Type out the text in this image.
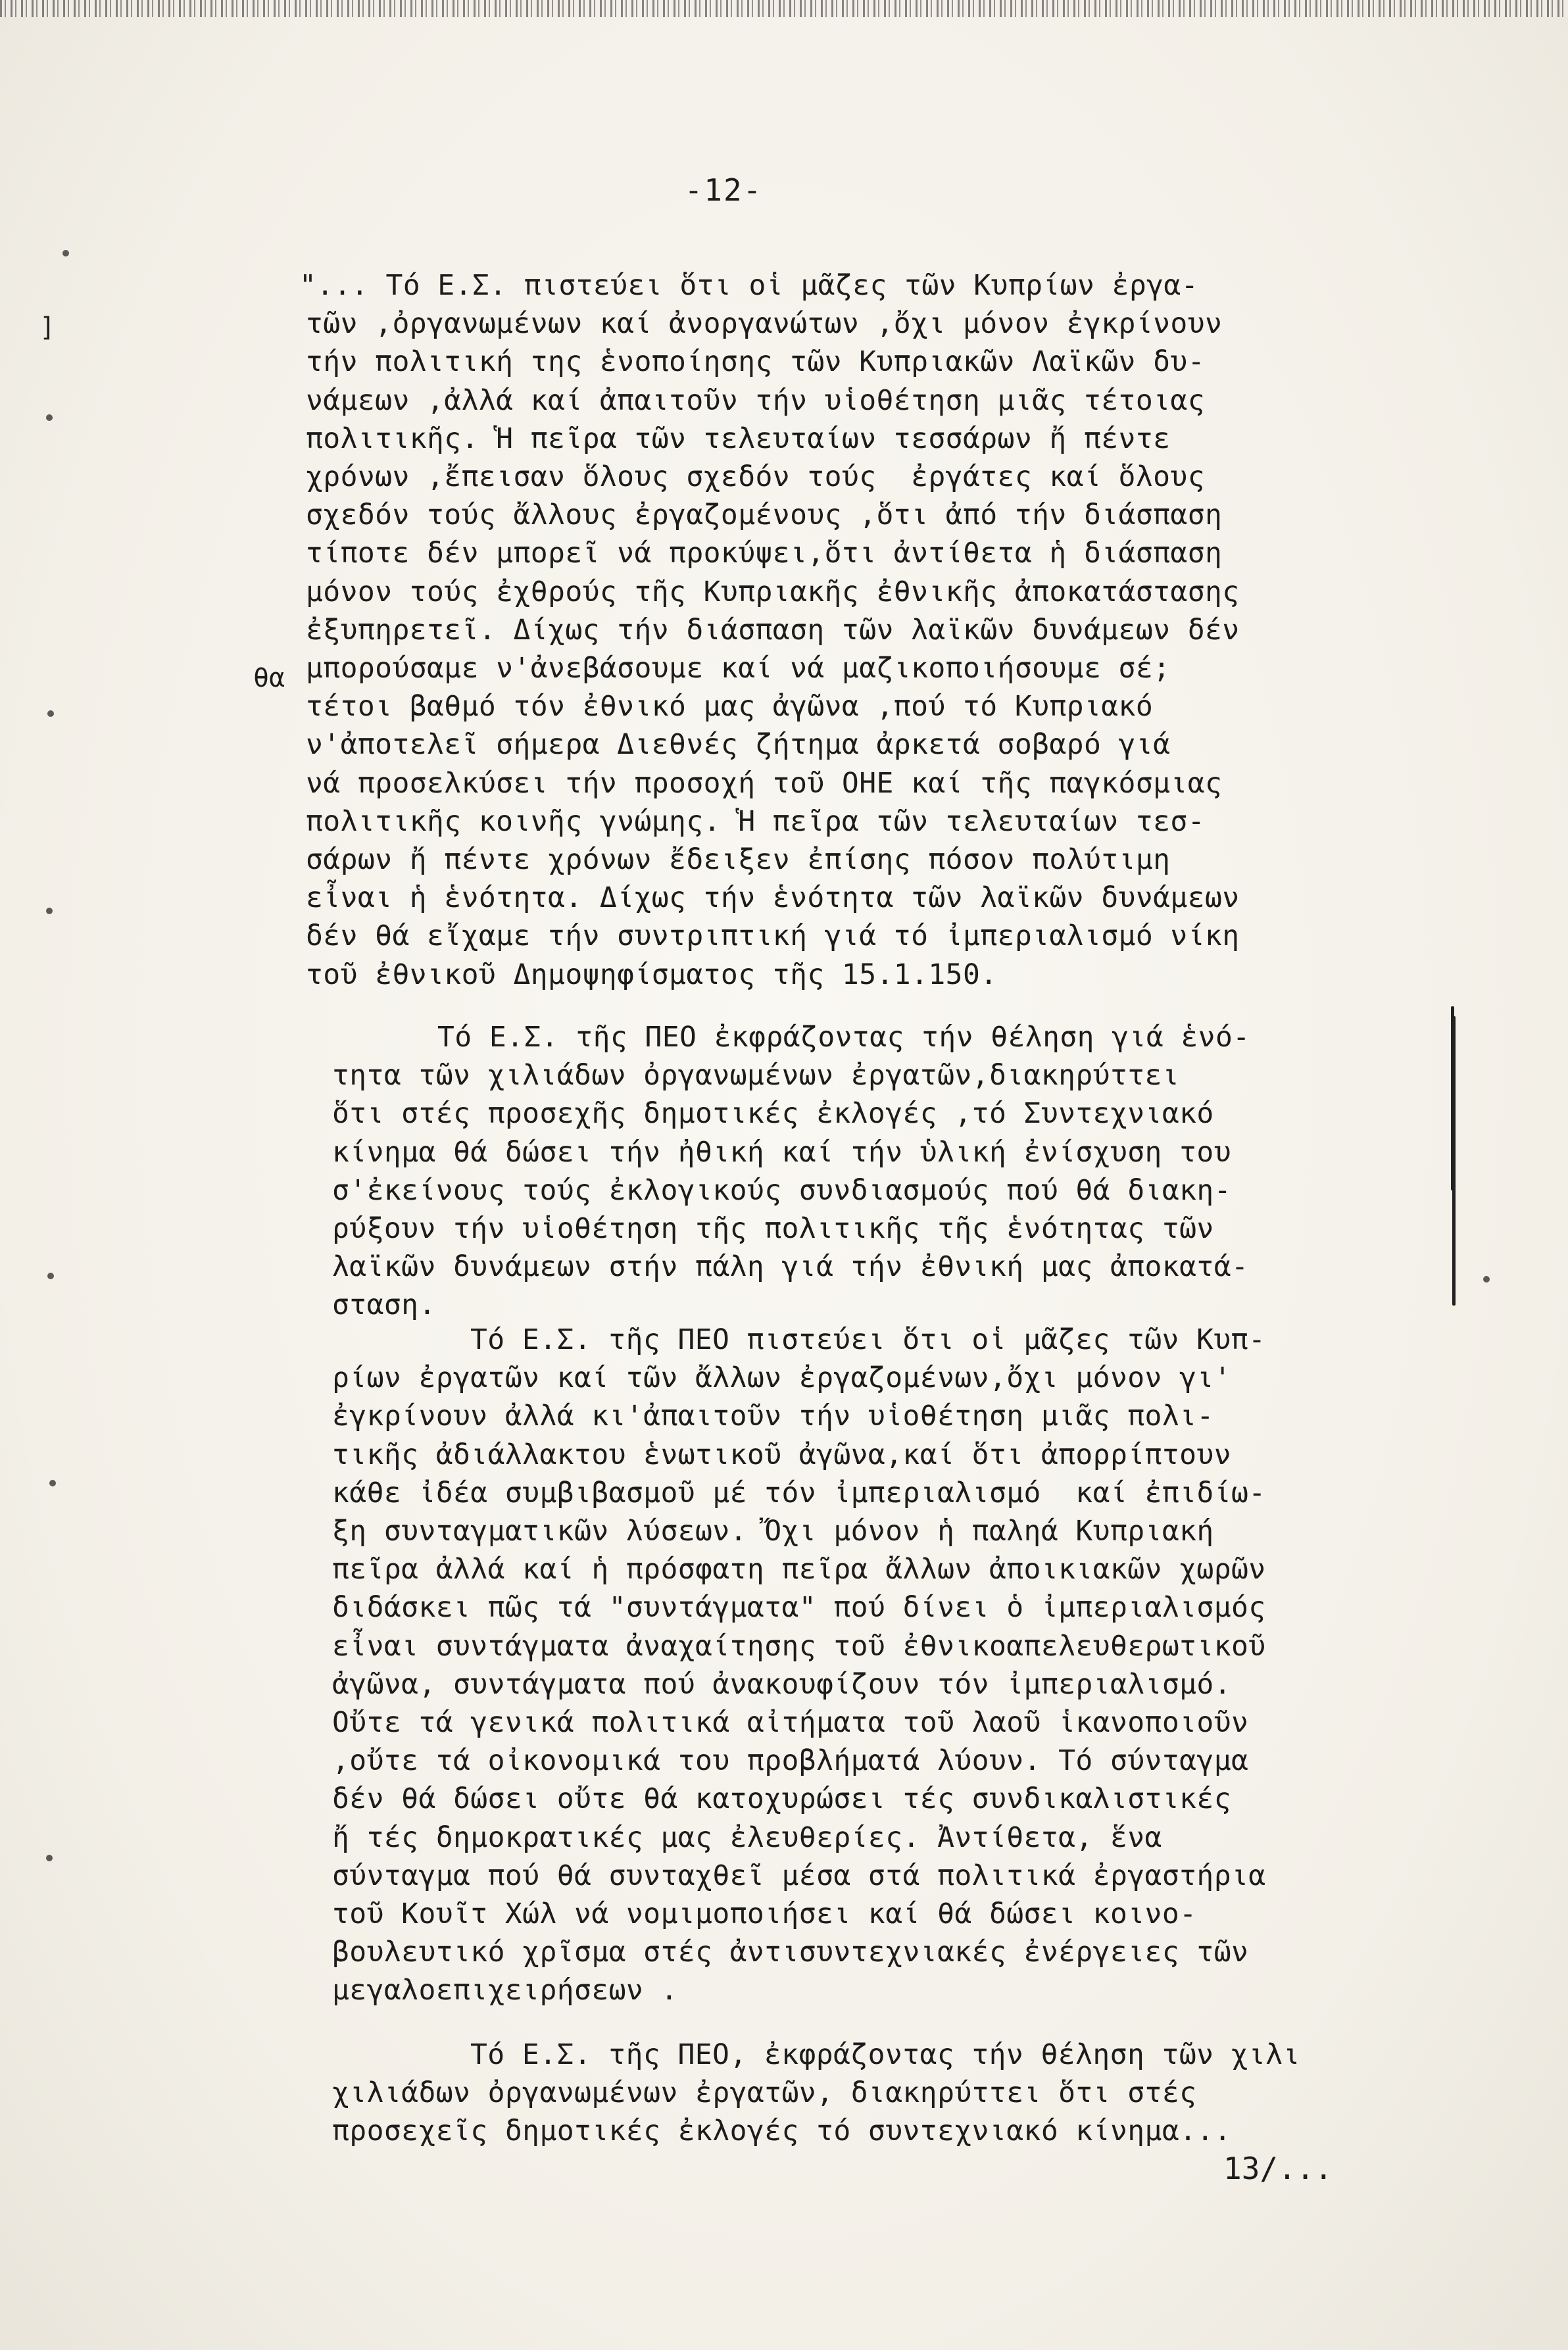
-12-
]
θα
"... Τό Ε.Σ. πιστεύει ὅτι οἱ μᾶζες τῶν Κυπρίων ἐργα-
τῶν ,ὀργανωμένων καί ἀνοργανώτων ,ὄχι μόνον ἐγκρίνουν
τήν πολιτική της ἑνοποίησης τῶν Κυπριακῶν Λαϊκῶν δυ-
νάμεων ,ἀλλά καί ἀπαιτοῦν τήν υἱοθέτηση μιᾶς τέτοιας
πολιτικῆς. Ἡ πεῖρα τῶν τελευταίων τεσσάρων ἤ πέντε
χρόνων ,ἔπεισαν ὅλους σχεδόν τούς  ἐργάτες καί ὅλους
σχεδόν τούς ἄλλους ἐργαζομένους ,ὅτι ἀπό τήν διάσπαση
τίποτε δέν μπορεῖ νά προκύψει,ὅτι ἀντίθετα ἡ διάσπαση
μόνον τούς ἐχθρούς τῆς Κυπριακῆς ἐθνικῆς ἀποκατάστασης
ἐξυπηρετεῖ. Δίχως τήν διάσπαση τῶν λαϊκῶν δυνάμεων δέν
μπορούσαμε ν'ἀνεβάσουμε καί νά μαζικοποιήσουμε σέ;
τέτοι βαθμό τόν ἐθνικό μας ἀγῶνα ,πού τό Κυπριακό
ν'ἀποτελεῖ σήμερα Διεθνές ζήτημα ἀρκετά σοβαρό γιά
νά προσελκύσει τήν προσοχή τοῦ ΟΗΕ καί τῆς παγκόσμιας
πολιτικῆς κοινῆς γνώμης. Ἡ πεῖρα τῶν τελευταίων τεσ-
σάρων ἤ πέντε χρόνων ἔδειξεν ἐπίσης πόσον πολύτιμη
εἶναι ἡ ἑνότητα. Δίχως τήν ἑνότητα τῶν λαϊκῶν δυνάμεων
δέν θά εἴχαμε τήν συντριπτική γιά τό ἰμπεριαλισμό νίκη
τοῦ ἐθνικοῦ Δημοψηφίσματος τῆς 15.1.150.
Τό Ε.Σ. τῆς ΠΕΟ ἐκφράζοντας τήν θέληση γιά ἑνό-
τητα τῶν χιλιάδων ὀργανωμένων ἐργατῶν,διακηρύττει
ὅτι στές προσεχῆς δημοτικές ἐκλογές ,τό Συντεχνιακό
κίνημα θά δώσει τήν ἠθική καί τήν ὑλική ἐνίσχυση του
σ'ἐκείνους τούς ἐκλογικούς συνδιασμούς πού θά διακη-
ρύξουν τήν υἱοθέτηση τῆς πολιτικῆς τῆς ἑνότητας τῶν
λαϊκῶν δυνάμεων στήν πάλη γιά τήν ἐθνική μας ἀποκατά-
σταση.
Τό Ε.Σ. τῆς ΠΕΟ πιστεύει ὅτι οἱ μᾶζες τῶν Κυπ-
ρίων ἐργατῶν καί τῶν ἄλλων ἐργαζομένων,ὄχι μόνον γι'
ἐγκρίνουν ἀλλά κι'ἀπαιτοῦν τήν υἱοθέτηση μιᾶς πολι-
τικῆς ἀδιάλλακτου ἑνωτικοῦ ἀγῶνα,καί ὅτι ἀπορρίπτουν
κάθε ἰδέα συμβιβασμοῦ μέ τόν ἰμπεριαλισμό  καί ἐπιδίω-
ξη συνταγματικῶν λύσεων. Ὄχι μόνον ἡ παληά Κυπριακή
πεῖρα ἀλλά καί ἡ πρόσφατη πεῖρα ἄλλων ἀποικιακῶν χωρῶν
διδάσκει πῶς τά "συντάγματα" πού δίνει ὁ ἰμπεριαλισμός
εἶναι συντάγματα ἀναχαίτησης τοῦ ἐθνικοαπελευθερωτικοῦ
ἀγῶνα, συντάγματα πού ἀνακουφίζουν τόν ἰμπεριαλισμό.
Οὔτε τά γενικά πολιτικά αἰτήματα τοῦ λαοῦ ἱκανοποιοῦν
,οὔτε τά οἰκονομικά του προβλήματά λύουν. Τό σύνταγμα
δέν θά δώσει οὔτε θά κατοχυρώσει τές συνδικαλιστικές
ἤ τές δημοκρατικές μας ἐλευθερίες. Ἀντίθετα, ἕνα
σύνταγμα πού θά συνταχθεῖ μέσα στά πολιτικά ἐργαστήρια
τοῦ Κουῖτ Χώλ νά νομιμοποιήσει καί θά δώσει κοινο-
βουλευτικό χρῖσμα στές ἀντισυντεχνιακές ἐνέργειες τῶν
μεγαλοεπιχειρήσεων .
Τό Ε.Σ. τῆς ΠΕΟ, ἐκφράζοντας τήν θέληση τῶν χιλι
χιλιάδων ὀργανωμένων ἐργατῶν, διακηρύττει ὅτι στές
προσεχεῖς δημοτικές ἐκλογές τό συντεχνιακό κίνημα...
13/...
